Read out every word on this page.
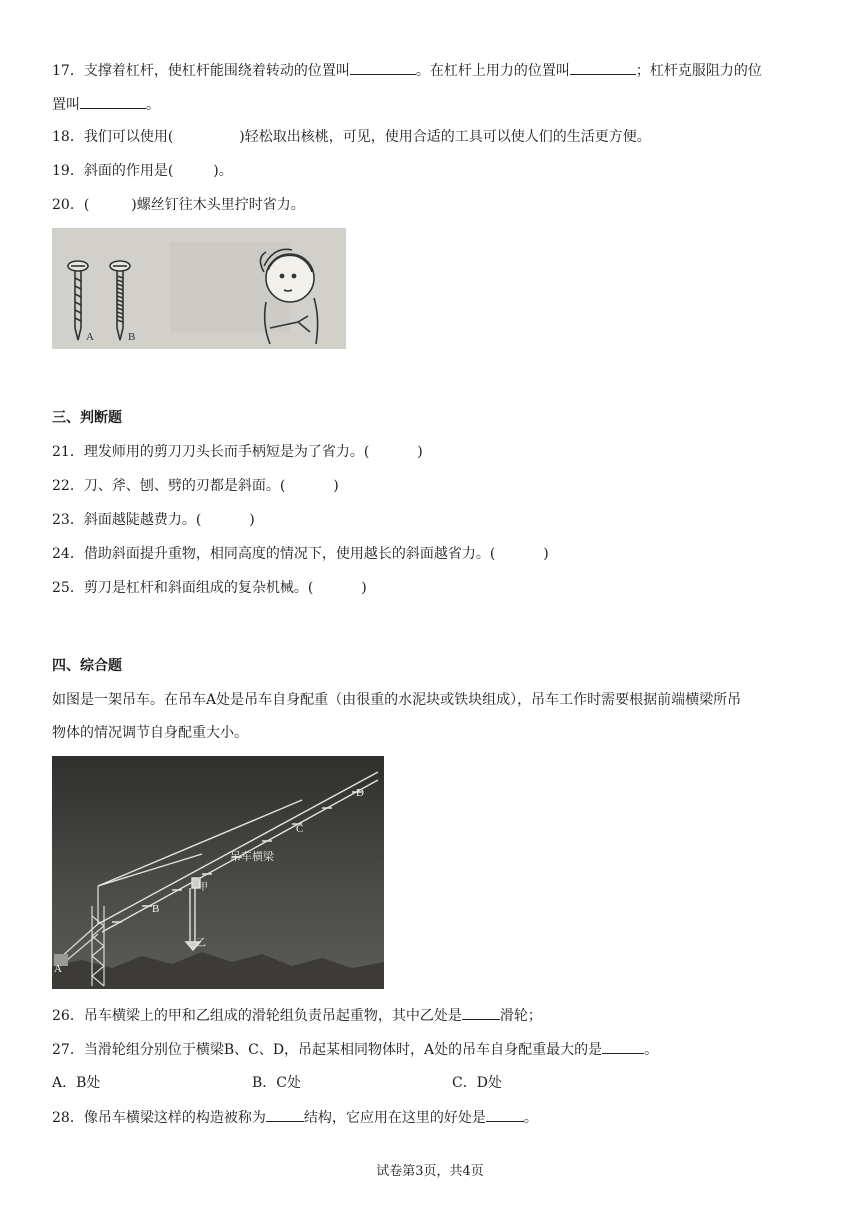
17．支撑着杠杆，使杠杆能围绕着转动的位置叫	。在杠杆上用力的位置叫	；杠杆克服阻力的位
置叫	。
18．我们可以使用(	)轻松取出核桃，可见，使用合适的工具可以使人们的生活更方便。
19．斜面的作用是(	)。
20．(	)螺丝钉往木头里拧时省力。
A	B
三、判断题
21．理发师用的剪刀刀头长而手柄短是为了省力。(	)
22．刀、斧、刨、劈的刃都是斜面。(	)
23．斜面越陡越费力。(	)
24．借助斜面提升重物，相同高度的情况下，使用越长的斜面越省力。(	)
25．剪刀是杠杆和斜面组成的复杂机械。(	)
四、综合题
如图是一架吊车。在吊车A处是吊车自身配重（由很重的水泥块或铁块组成），吊车工作时需要根据前端横梁所吊
物体的情况调节自身配重大小。
吊车横梁
D
C
B
A
甲
乙
26．吊车横梁上的甲和乙组成的滑轮组负责吊起重物，其中乙处是	滑轮；
27．当滑轮组分别位于横梁B、C、D，吊起某相同物体时，A处的吊车自身配重最大的是	。
A．B处	B．C处	C．D处
28．像吊车横梁这样的构造被称为	结构，它应用在这里的好处是	。
试卷第3页，共4页
